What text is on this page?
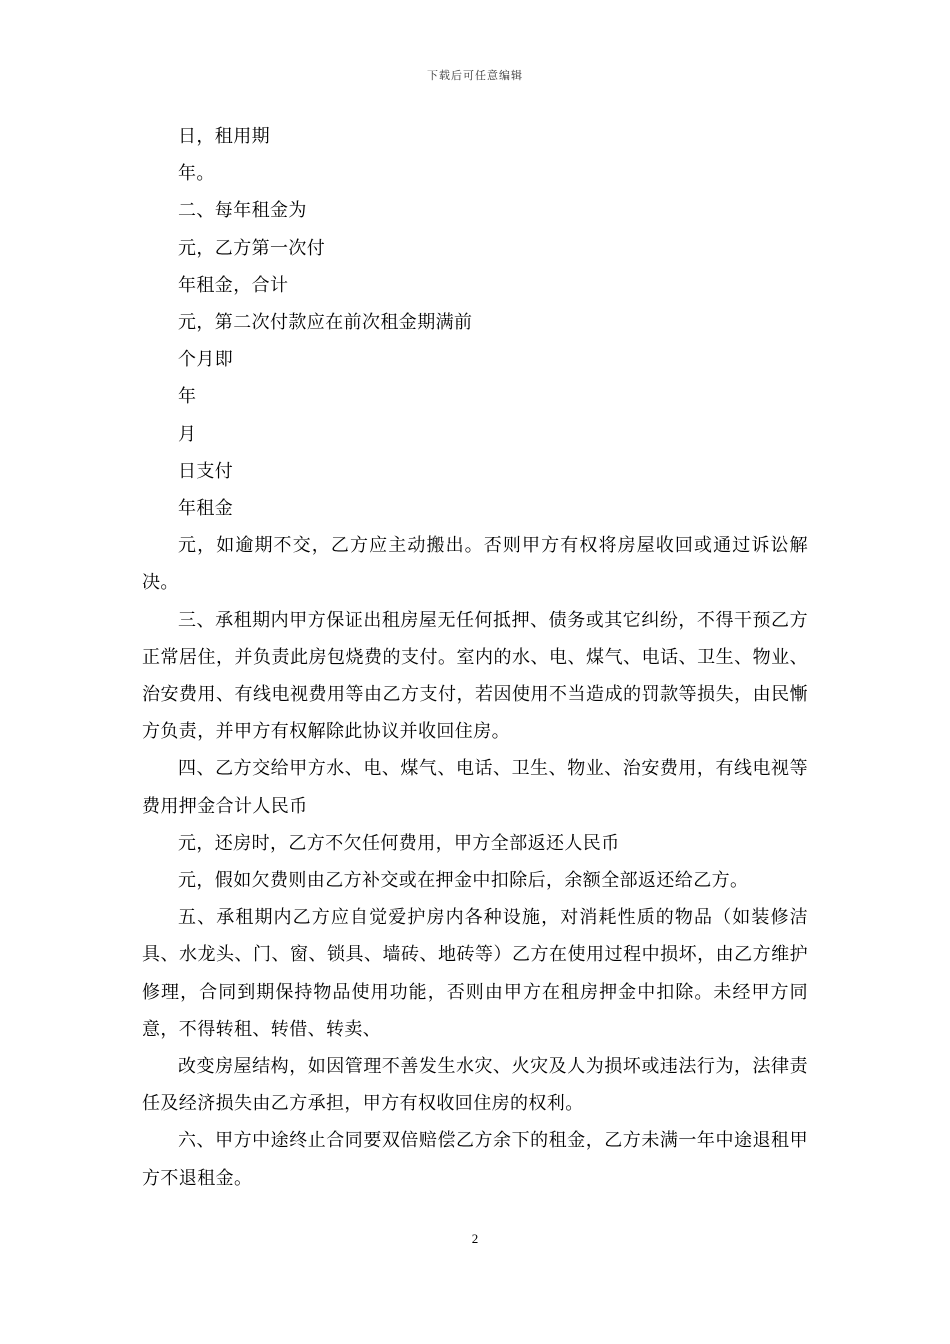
下载后可任意编辑

日，租用期

年。

二、每年租金为

元，乙方第一次付

年租金，合计

元，第二次付款应在前次租金期满前

个月即

年

月

日支付

年租金

元，如逾期不交，乙方应主动搬出。否则甲方有权将房屋收回或通过诉讼解决。

三、承租期内甲方保证出租房屋无任何抵押、债务或其它纠纷，不得干预乙方正常居住，并负责此房包烧费的支付。室内的水、电、煤气、电话、卫生、物业、治安费用、有线电视费用等由乙方支付，若因使用不当造成的罚款等损失，由民慚方负责，并甲方有权解除此协议并收回住房。

四、乙方交给甲方水、电、煤气、电话、卫生、物业、治安费用，有线电视等费用押金合计人民币

元，还房时，乙方不欠任何费用，甲方全部返还人民币

元，假如欠费则由乙方补交或在押金中扣除后，余额全部返还给乙方。

五、承租期内乙方应自觉爱护房内各种设施，对消耗性质的物品（如装修洁具、水龙头、门、窗、锁具、墙砖、地砖等）乙方在使用过程中损坏，由乙方维护修理，合同到期保持物品使用功能，否则由甲方在租房押金中扣除。未经甲方同意，不得转租、转借、转卖、

改变房屋结构，如因管理不善发生水灾、火灾及人为损坏或违法行为，法律责任及经济损失由乙方承担，甲方有权收回住房的权利。

六、甲方中途终止合同要双倍赔偿乙方余下的租金，乙方未满一年中途退租甲方不退租金。

2
